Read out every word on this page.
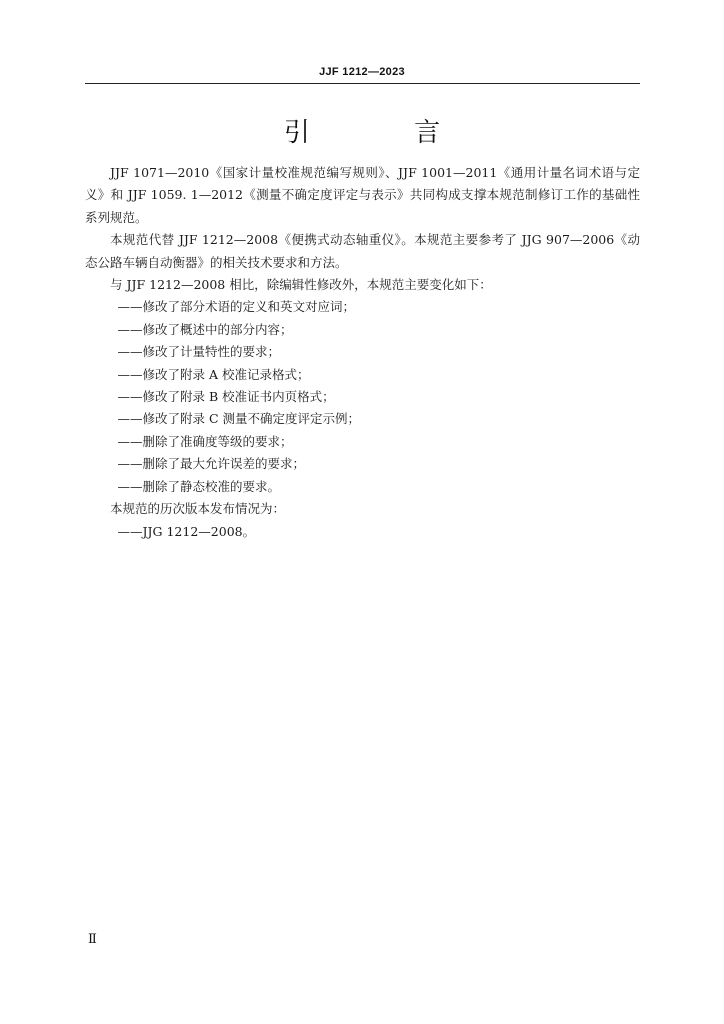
JJF 1212—2023
引 言

JJF 1071—2010《国家计量校准规范编写规则》、JJF 1001—2011《通用计量名词术语与定义》和 JJF 1059. 1—2012《测量不确定度评定与表示》共同构成支撑本规范制修订工作的基础性系列规范。

本规范代替 JJF 1212—2008《便携式动态轴重仪》。本规范主要参考了 JJG 907—2006《动态公路车辆自动衡器》的相关技术要求和方法。

与 JJF 1212—2008 相比，除编辑性修改外，本规范主要变化如下：

——修改了部分术语的定义和英文对应词；

——修改了概述中的部分内容；

——修改了计量特性的要求；

——修改了附录 A 校准记录格式；

——修改了附录 B 校准证书内页格式；

——修改了附录 C 测量不确定度评定示例；

——删除了准确度等级的要求；

——删除了最大允许误差的要求；

——删除了静态校准的要求。

本规范的历次版本发布情况为：

——JJG 1212—2008。

Ⅱ
